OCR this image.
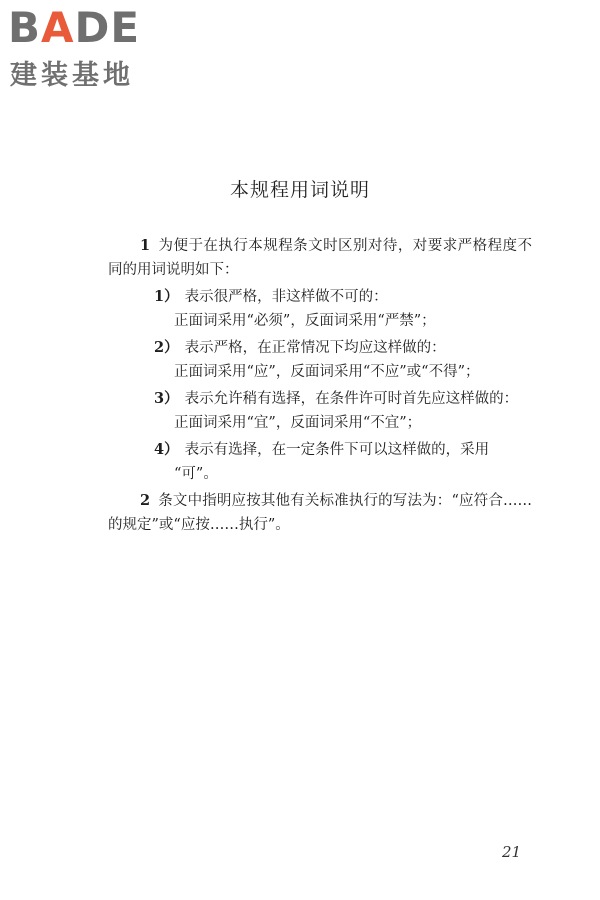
BADE
建装基地
本规程用词说明

1 为便于在执行本规程条文时区别对待，对要求严格程度不同的用词说明如下：

1） 表示很严格，非这样做不可的：
正面词采用“必须”，反面词采用“严禁”；
2） 表示严格，在正常情况下均应这样做的：
正面词采用“应”，反面词采用“不应”或“不得”；
3） 表示允许稍有选择，在条件许可时首先应这样做的：
正面词采用“宜”，反面词采用“不宜”；
4） 表示有选择，在一定条件下可以这样做的，采用
“可”。

2 条文中指明应按其他有关标准执行的写法为：“应符合……的规定”或“应按……执行”。

21
